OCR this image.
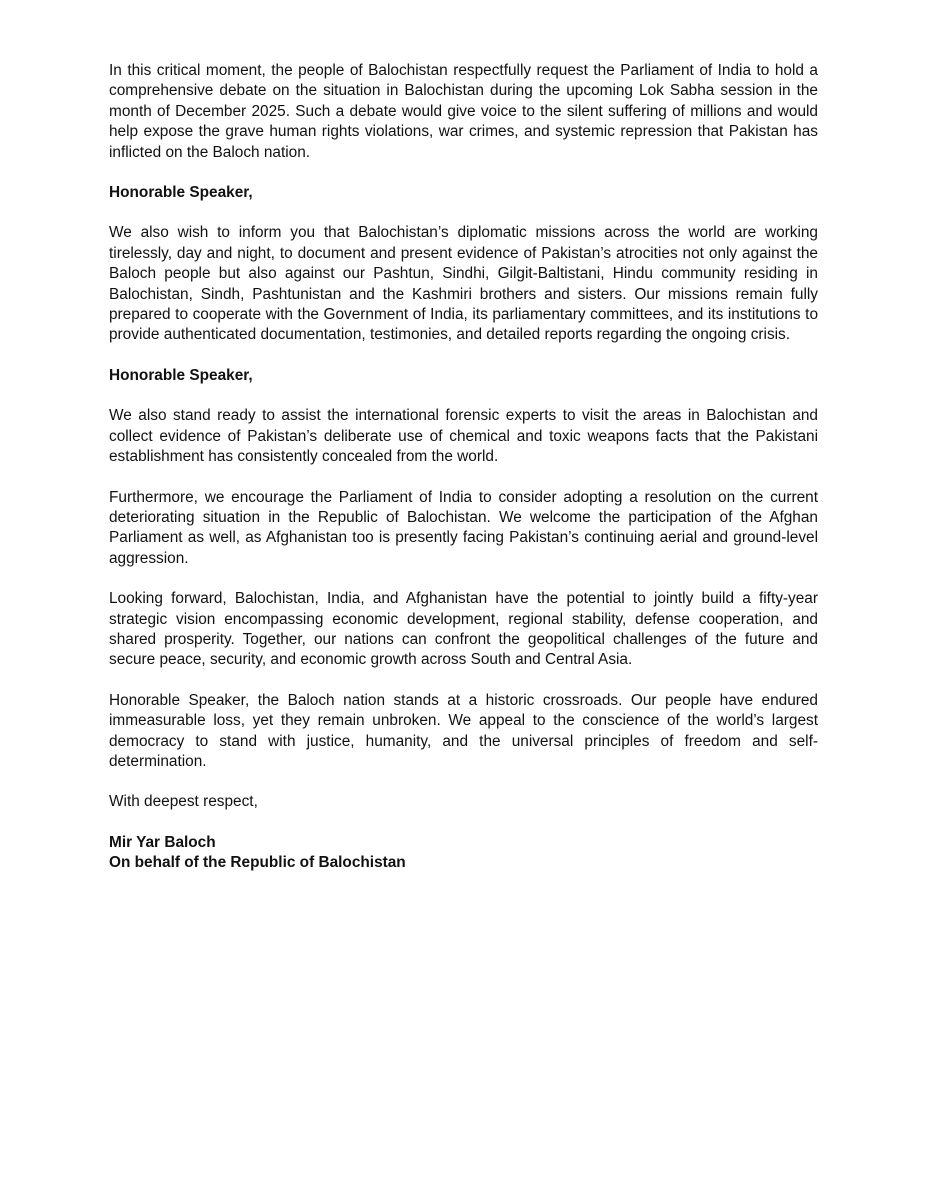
In this critical moment, the people of Balochistan respectfully request the Parliament of India to hold a comprehensive debate on the situation in Balochistan during the upcoming Lok Sabha session in the month of December 2025. Such a debate would give voice to the silent suffering of millions and would help expose the grave human rights violations, war crimes, and systemic repression that Pakistan has inflicted on the Baloch nation.

Honorable Speaker,

We also wish to inform you that Balochistan’s diplomatic missions across the world are working tirelessly, day and night, to document and present evidence of Pakistan’s atrocities not only against the Baloch people but also against our Pashtun, Sindhi, Gilgit-Baltistani, Hindu community residing in Balochistan, Sindh, Pashtunistan and the Kashmiri brothers and sisters. Our missions remain fully prepared to cooperate with the Government of India, its parliamentary committees, and its institutions to provide authenticated documentation, testimonies, and detailed reports regarding the ongoing crisis.

Honorable Speaker,

We also stand ready to assist the international forensic experts to visit the areas in Balochistan and collect evidence of Pakistan’s deliberate use of chemical and toxic weapons facts that the Pakistani establishment has consistently concealed from the world.

Furthermore, we encourage the Parliament of India to consider adopting a resolution on the current deteriorating situation in the Republic of Balochistan. We welcome the participation of the Afghan Parliament as well, as Afghanistan too is presently facing Pakistan’s continuing aerial and ground-level aggression.

Looking forward, Balochistan, India, and Afghanistan have the potential to jointly build a fifty-year strategic vision encompassing economic development, regional stability, defense cooperation, and shared prosperity. Together, our nations can confront the geopolitical challenges of the future and secure peace, security, and economic growth across South and Central Asia.

Honorable Speaker, the Baloch nation stands at a historic crossroads. Our people have endured immeasurable loss, yet they remain unbroken. We appeal to the conscience of the world’s largest democracy to stand with justice, humanity, and the universal principles of freedom and self-determination.

With deepest respect,

Mir Yar Baloch

On behalf of the Republic of Balochistan
